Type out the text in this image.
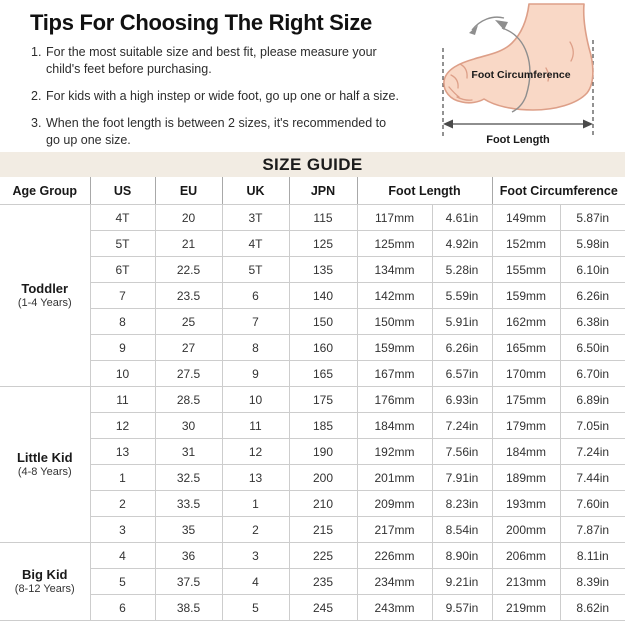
Tips For Choosing The Right Size
1. For the most suitable size and best fit, please measure your
child's feet before purchasing.
2. For kids with a high instep or wide foot, go up one or half a size.
3. When the foot length is between 2 sizes, it's recommended to
go up one size.
Foot Circumference
Foot Length
SIZE GUIDE
Age Group	US	EU	UK	JPN	Foot Length		Foot Circumference	

Toddler
(1-4 Years)	4T	20	3T	115	117mm	4.61in	149mm	5.87in
	5T	21	4T	125	125mm	4.92in	152mm	5.98in
	6T	22.5	5T	135	134mm	5.28in	155mm	6.10in
	7	23.5	6	140	142mm	5.59in	159mm	6.26in
	8	25	7	150	150mm	5.91in	162mm	6.38in
	9	27	8	160	159mm	6.26in	165mm	6.50in
	10	27.5	9	165	167mm	6.57in	170mm	6.70in

Little Kid
(4-8 Years)	11	28.5	10	175	176mm	6.93in	175mm	6.89in
	12	30	11	185	184mm	7.24in	179mm	7.05in
	13	31	12	190	192mm	7.56in	184mm	7.24in
	1	32.5	13	200	201mm	7.91in	189mm	7.44in
	2	33.5	1	210	209mm	8.23in	193mm	7.60in
	3	35	2	215	217mm	8.54in	200mm	7.87in

Big Kid
(8-12 Years)	4	36	3	225	226mm	8.90in	206mm	8.11in
	5	37.5	4	235	234mm	9.21in	213mm	8.39in
	6	38.5	5	245	243mm	9.57in	219mm	8.62in
